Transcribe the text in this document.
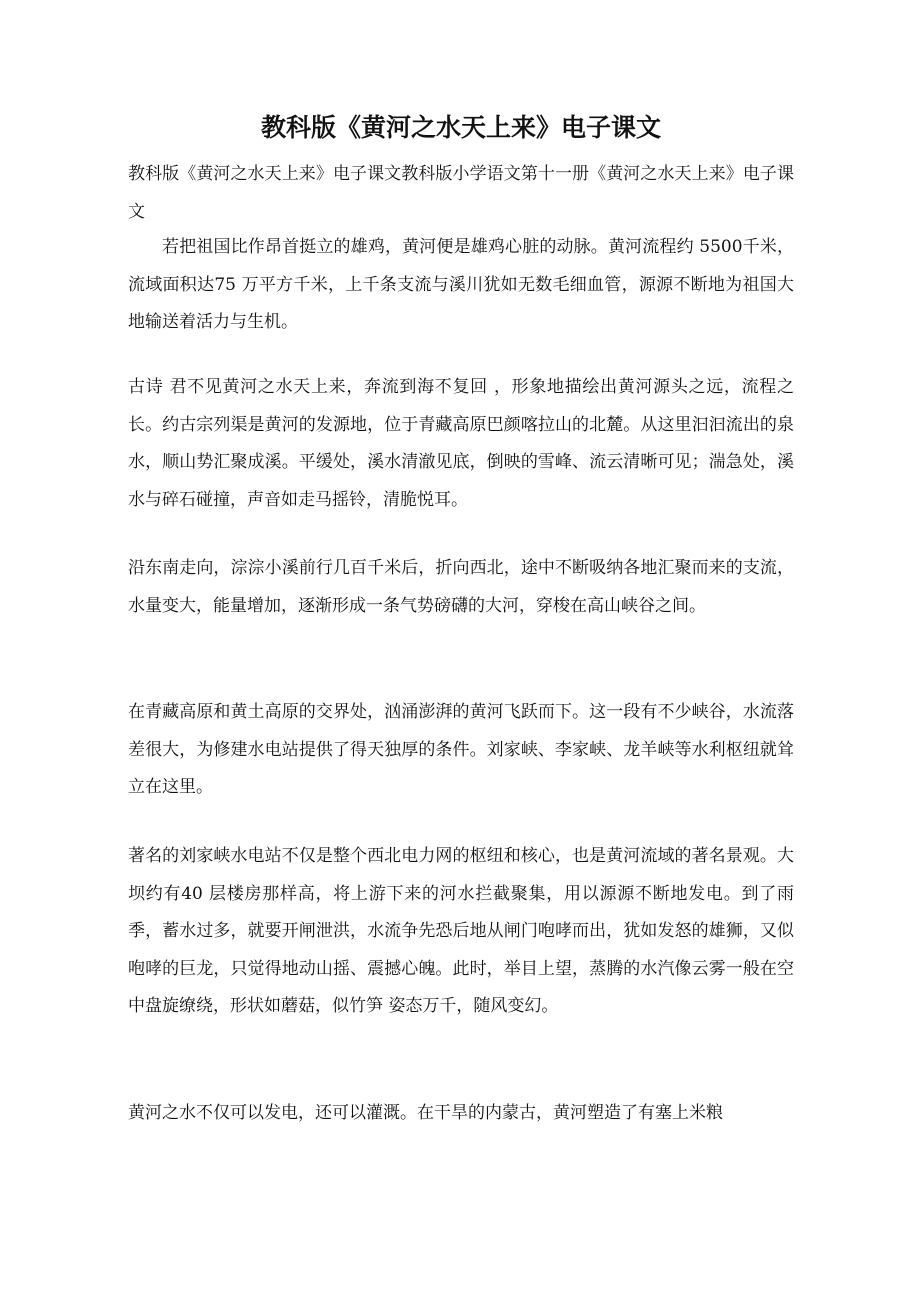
教科版《黄河之水天上来》电子课文

教科版《黄河之水天上来》电子课文教科版小学语文第十一册《黄河之水天上来》电子课文

若把祖国比作昂首挺立的雄鸡，黄河便是雄鸡心脏的动脉。黄河流程约 5500千米，流域面积达75 万平方千米，上千条支流与溪川犹如无数毛细血管，源源不断地为祖国大地输送着活力与生机。

古诗 君不见黄河之水天上来，奔流到海不复回 ，形象地描绘出黄河源头之远，流程之长。约古宗列渠是黄河的发源地，位于青藏高原巴颜喀拉山的北麓。从这里汩汩流出的泉水，顺山势汇聚成溪。平缓处，溪水清澈见底，倒映的雪峰、流云清晰可见；湍急处，溪水与碎石碰撞，声音如走马摇铃，清脆悦耳。

沿东南走向，淙淙小溪前行几百千米后，折向西北，途中不断吸纳各地汇聚而来的支流，水量变大，能量增加，逐渐形成一条气势磅礴的大河，穿梭在高山峡谷之间。

在青藏高原和黄土高原的交界处，汹涌澎湃的黄河飞跃而下。这一段有不少峡谷，水流落差很大，为修建水电站提供了得天独厚的条件。刘家峡、李家峡、龙羊峡等水利枢纽就耸立在这里。

著名的刘家峡水电站不仅是整个西北电力网的枢纽和核心，也是黄河流域的著名景观。大坝约有40 层楼房那样高，将上游下来的河水拦截聚集，用以源源不断地发电。到了雨季，蓄水过多，就要开闸泄洪，水流争先恐后地从闸门咆哮而出，犹如发怒的雄狮，又似咆哮的巨龙，只觉得地动山摇、震撼心魄。此时，举目上望，蒸腾的水汽像云雾一般在空中盘旋缭绕，形状如蘑菇，似竹笋 姿态万千，随风变幻。

黄河之水不仅可以发电，还可以灌溉。在干旱的内蒙古，黄河塑造了有塞上米粮
